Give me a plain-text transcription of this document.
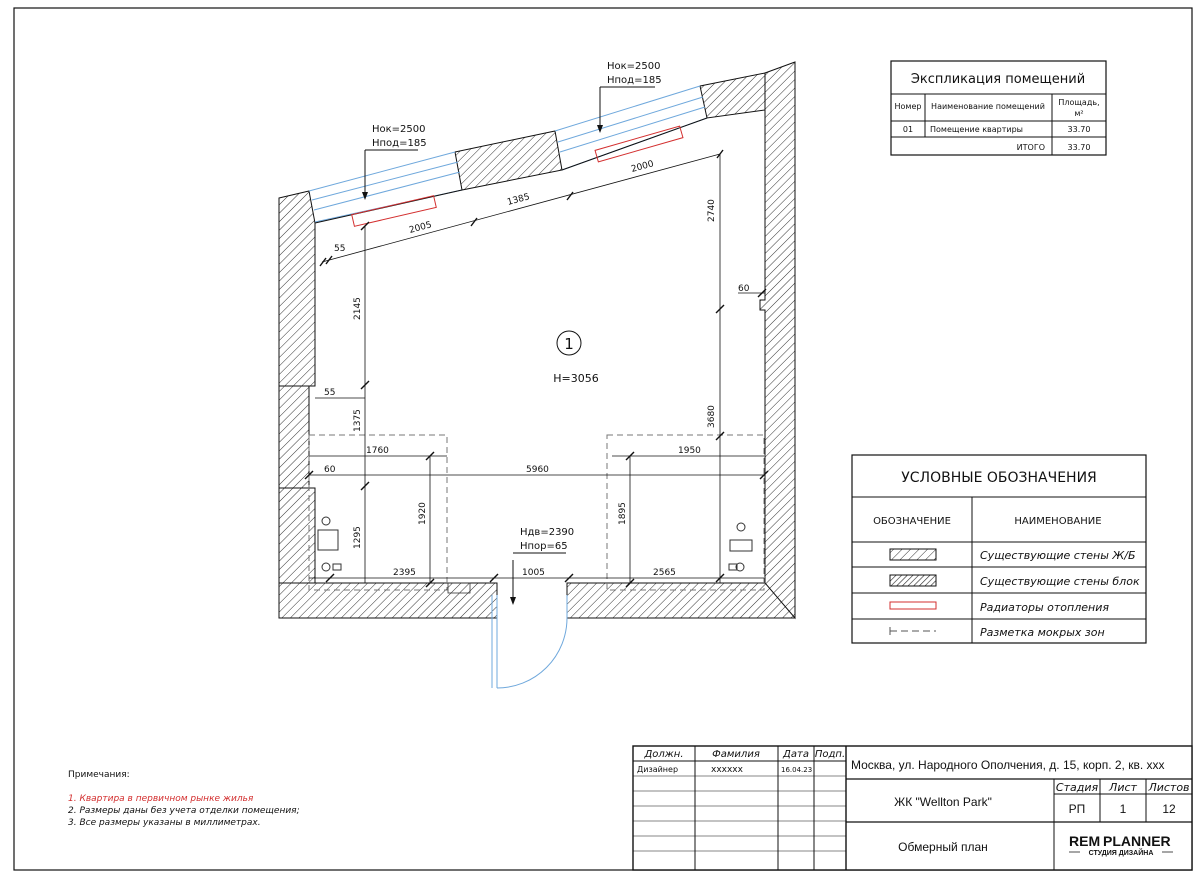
1
H=3056
Нок=2500
Нпод=185
Нок=2500
Нпод=185
Ндв=2390
Нпор=65
55
2005
1385
2000
2740
60
3680
2145
55
1375
1295
1920
1760
60	5960
1950
1895
2395	1005	2565
Экспликация помещений
Номер Наименование помещений Площадь,
м²
01 Помещение квартиры	33.70
ИТОГО	33.70
УСЛОВНЫЕ ОБОЗНАЧЕНИЯ
ОБОЗНАЧЕНИЕ	НАИМЕНОВАНИЕ
Существующие стены Ж/Б
Существующие стены блок
Радиаторы отопления
Разметка мокрых зон
Примечания:
1. Квартира в первичном рынке жилья
2. Размеры даны без учета отделки помещения;
3. Все размеры указаны в миллиметрах.
Должн.	Фамилия Дата Подп.
Дизайнер	xxxxxx	16.04.23	Москва, ул. Народного Ополчения, д. 15, корп. 2, кв. xxx
ЖК "Wellton Park"
Стадия Лист Листов
РП	1	12
Обмерный план	REM PLANNER
СТУДИЯ ДИЗАЙНА
